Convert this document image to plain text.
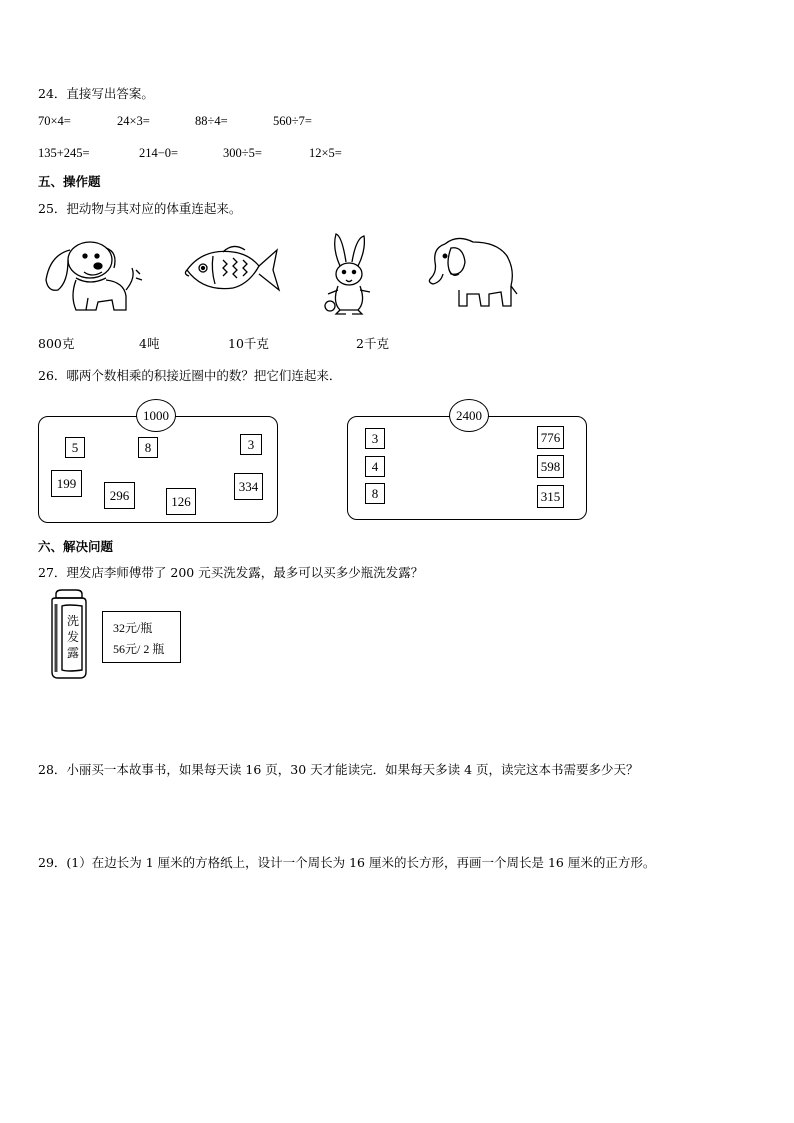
24．直接写出答案。
70×4=	24×3=	88÷4=	560÷7=
135+245=	214−0=	300÷5=	12×5=
五、操作题
25．把动物与其对应的体重连起来。
800克	4吨	10千克	2千克
26．哪两个数相乘的积接近圈中的数？把它们连起来．
1000
5	8	3
199
296	126
334
2400
3
4
8
776
598
315
六、解决问题
27．理发店李师傅带了 200 元买洗发露，最多可以买多少瓶洗发露？
洗
发
露
32元/瓶
56元/ 2 瓶
28．小丽买一本故事书，如果每天读 16 页，30 天才能读完．如果每天多读 4 页，读完这本书需要多少天？
29．(1）在边长为 1 厘米的方格纸上，设计一个周长为 16 厘米的长方形，再画一个周长是 16 厘米的正方形。
